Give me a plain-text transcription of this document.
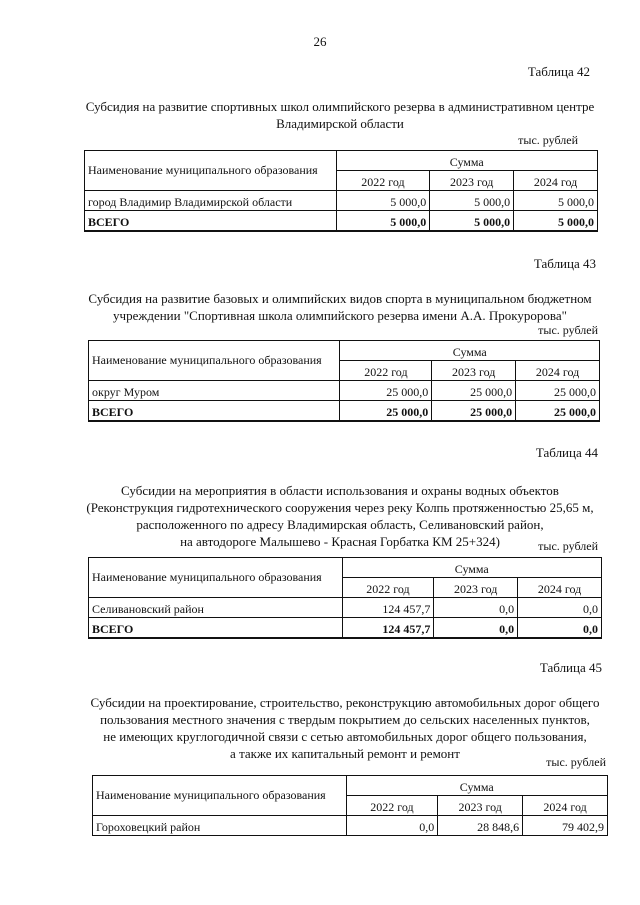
26
Таблица 42
Субсидия на развитие спортивных школ олимпийского резерва в административном центре
Владимирской области
тыс. рублей
Наименование муниципального образования	Сумма		
	2022 год	2023 год	2024 год
город Владимир Владимирской области	5 000,0	5 000,0	5 000,0
ВСЕГО	5 000,0	5 000,0	5 000,0
Таблица 43
Субсидия на развитие базовых и олимпийских видов спорта в муниципальном бюджетном
учреждении "Спортивная школа олимпийского резерва имени А.А. Прокуророва"
тыс. рублей
Наименование муниципального образования	Сумма		
	2022 год	2023 год	2024 год
округ Муром	25 000,0	25 000,0	25 000,0
ВСЕГО	25 000,0	25 000,0	25 000,0
Таблица 44
Субсидии на мероприятия в области использования и охраны водных объектов
(Реконструкция гидротехнического сооружения через реку Колпь протяженностью 25,65 м,
расположенного по адресу Владимирская область, Селивановский район,
на автодороге Малышево - Красная Горбатка КМ 25+324)	тыс. рублей
Наименование муниципального образования	Сумма		
	2022 год	2023 год	2024 год
Селивановский район	124 457,7	0,0	0,0
ВСЕГО	124 457,7	0,0	0,0
Таблица 45
Субсидии на проектирование, строительство, реконструкцию автомобильных дорог общего
пользования местного значения с твердым покрытием до сельских населенных пунктов,
не имеющих круглогодичной связи с сетью автомобильных дорог общего пользования,
а также их капитальный ремонт и ремонт
тыс. рублей
Наименование муниципального образования	Сумма		
	2022 год	2023 год	2024 год
Гороховецкий район	0,0	28 848,6	79 402,9
